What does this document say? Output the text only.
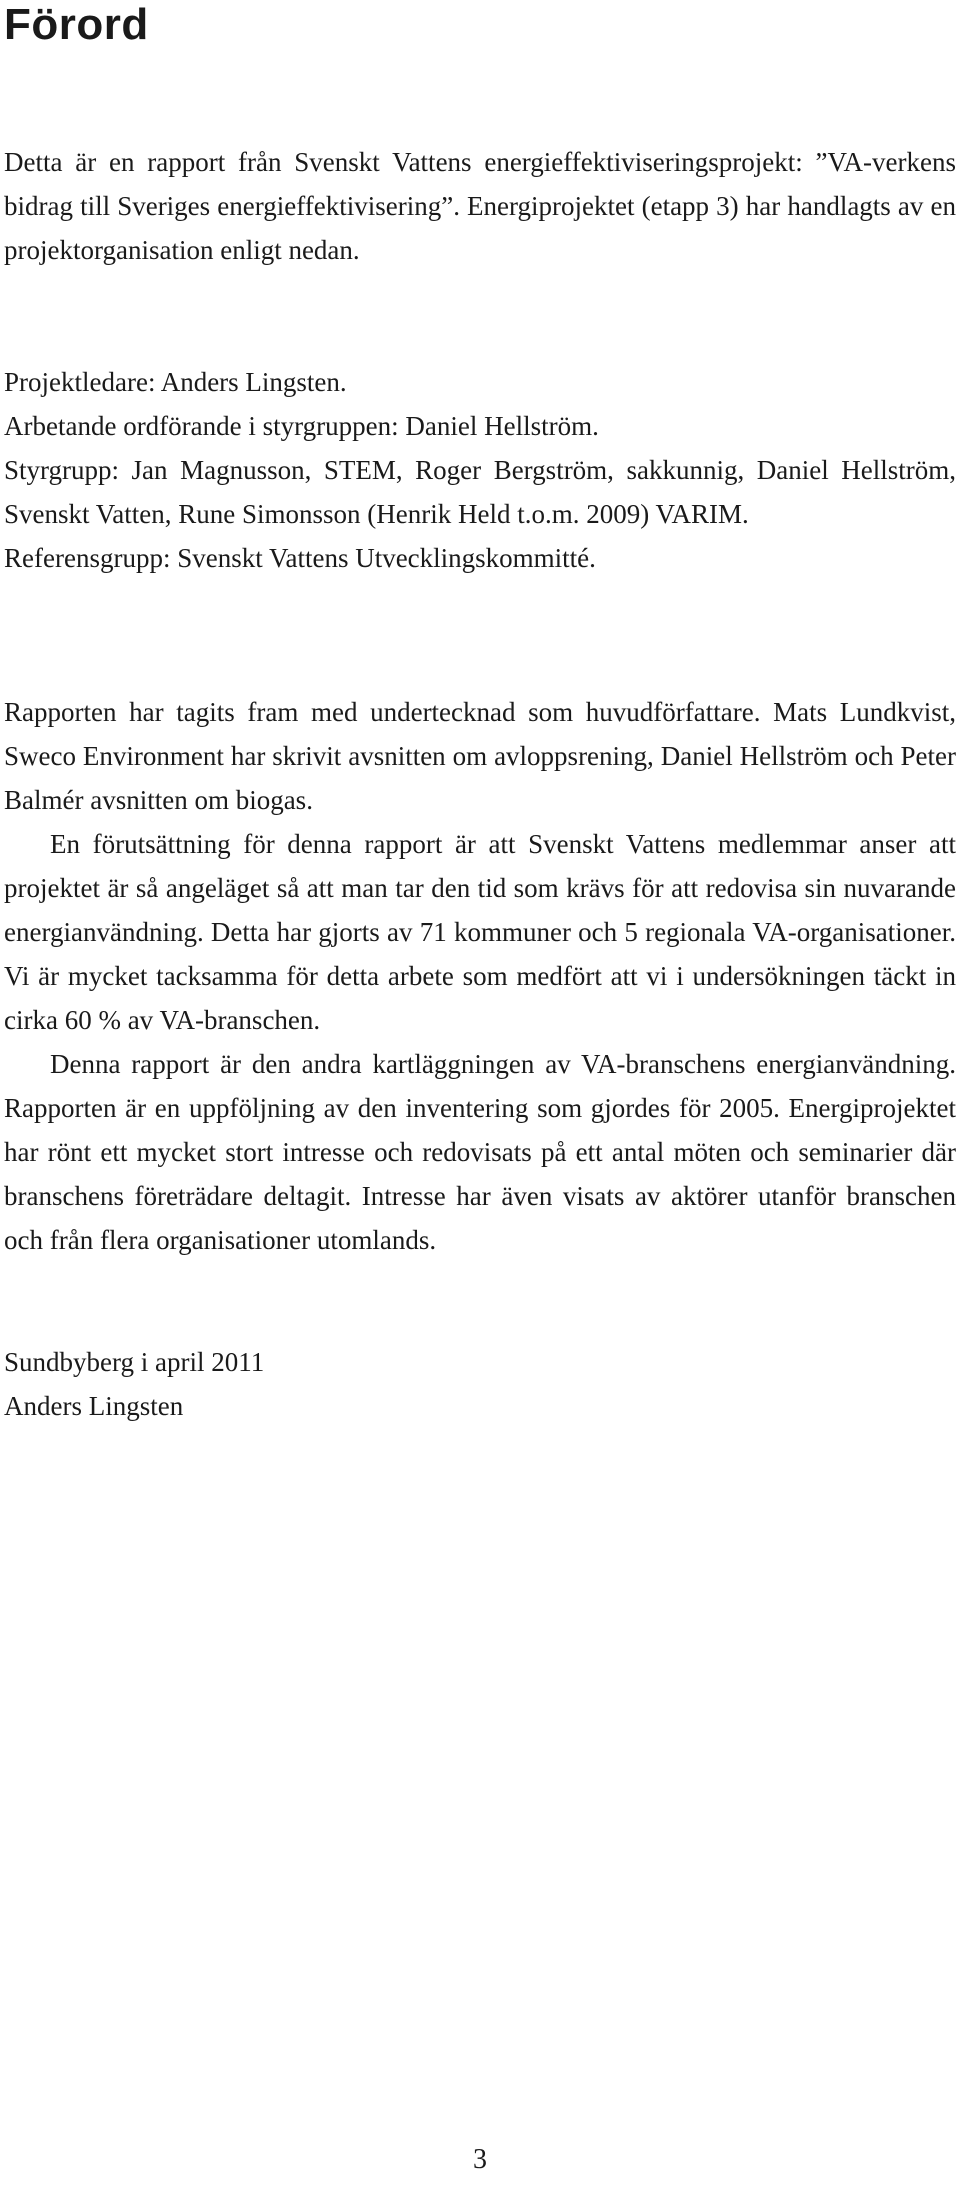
Förord

Detta är en rapport från Svenskt Vattens energieffektiviseringsprojekt: ”VA-verkens bidrag till Sveriges energieffektivisering”. Energiprojektet (etapp 3) har handlagts av en projektorganisation enligt nedan.

Projektledare: Anders Lingsten.
Arbetande ordförande i styrgruppen: Daniel Hellström.
Styrgrupp: Jan Magnusson, STEM, Roger Bergström, sakkunnig, Daniel Hellström, Svenskt Vatten, Rune Simonsson (Henrik Held t.o.m. 2009) VARIM.
Referensgrupp: Svenskt Vattens Utvecklingskommitté.
Rapporten har tagits fram med undertecknad som huvudförfattare. Mats Lundkvist, Sweco Environment har skrivit avsnitten om avloppsrening, Daniel Hellström och Peter Balmér avsnitten om biogas.
En förutsättning för denna rapport är att Svenskt Vattens medlemmar anser att projektet är så angeläget så att man tar den tid som krävs för att redovisa sin nuvarande energianvändning. Detta har gjorts av 71 kommuner och 5 regionala VA-organisationer. Vi är mycket tacksamma för detta arbete som medfört att vi i undersökningen täckt in cirka 60 % av VA-branschen.
Denna rapport är den andra kartläggningen av VA-branschens energianvändning. Rapporten är en uppföljning av den inventering som gjordes för 2005. Energiprojektet har rönt ett mycket stort intresse och redovisats på ett antal möten och seminarier där branschens företrädare deltagit. Intresse har även visats av aktörer utanför branschen och från flera organisationer utomlands.
Sundbyberg i april 2011
Anders Lingsten

3
